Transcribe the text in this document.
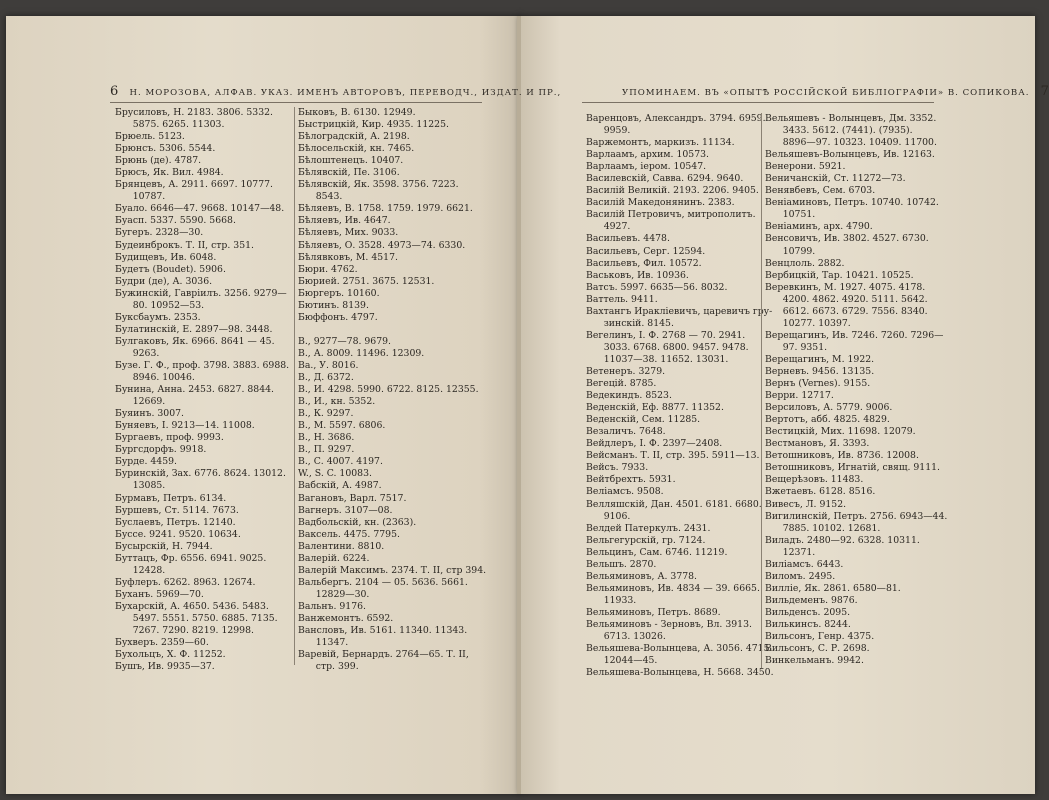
6 Н. МОРОЗОВА, АЛФАВ. УКАЗ. ИМЕНЪ АВТОРОВЪ, ПЕРЕВОДЧ., ИЗДАТ. И ПР.,	УПОМИНАЕМ. ВЪ «ОПЫТѢ РОССІЙСКОЙ БИБЛІОГРАФІИ» В. СОПИКОВА. 7
Брусиловъ, Н. 2183. 3806. 5332.
5875. 6265. 11303.
Брюель. 5123.
Брюнсъ. 5306. 5544.
Брюнь (де). 4787.
Брюсъ, Як. Вил. 4984.
Брянцевъ, А. 2911. 6697. 10777.
10787.
Буало. 6646—47. 9668. 10147—48.
Буасп. 5337. 5590. 5668.
Бугеръ. 2328—30.
Будеинброкъ. Т. II, стр. 351.
Будищевъ, Ив. 6048.
Будетъ (Boudet). 5906.
Будри (де), А. 3036.
Бужинскій, Гавріилъ. 3256. 9279—
80. 10952—53.
Буксбаумъ. 2353.
Булатинскій, Е. 2897—98. 3448.
Булгаковъ, Як. 6966. 8641 — 45.
9263.
Бузе. Г. Ф., проф. 3798. 3883. 6988.
8946. 10046.
Бунина, Анна. 2453. 6827. 8844.
12669.
Буяинъ. 3007.
Буняевъ, I. 9213—14. 11008.
Бургаевъ, проф. 9993.
Бургсдорфъ. 9918.
Бурде. 4459.
Буринскій, Зах. 6776. 8624. 13012.
13085.
Бурмавъ, Петръ. 6134.
Буршевъ, Ст. 5114. 7673.
Буслаевъ, Петръ. 12140.
Буссе. 9241. 9520. 10634.
Бусырскій, Н. 7944.
Буттацъ, Фр. 6556. 6941. 9025.
12428.
Буфлеръ. 6262. 8963. 12674.
Буханъ. 5969—70.
Бухарскій, А. 4650. 5436. 5483.
5497. 5551. 5750. 6885. 7135.
7267. 7290. 8219. 12998.
Бухверъ. 2359—60.
Бухольцъ, Х. Ф. 11252.
Бушъ, Ив. 9935—37.
Быковъ, В. 6130. 12949.
Быстрицкій, Кир. 4935. 11225.
Бѣлоградскій, А. 2198.
Бѣлосельскій, кн. 7465.
Бѣлоштенецъ. 10407.
Бѣлявскій, Пе. 3106.
Бѣлявскій, Як. 3598. 3756. 7223.
8543.
Бѣляевъ, В. 1758. 1759. 1979. 6621.
Бѣляевъ, Ив. 4647.
Бѣляевъ, Мих. 9033.
Бѣляевъ, О. 3528. 4973—74. 6330.
Бѣлявковъ, М. 4517.
Бюри. 4762.
Бюрией. 2751. 3675. 12531.
Бюргеръ. 10160.
Бютинъ. 8139.
Бюффонъ. 4797.
В., 9277—78. 9679.
В., А. 8009. 11496. 12309.
Ва., У. 8016.
В., Д. 6372.
В., И. 4298. 5990. 6722. 8125. 12355.
В., И., кн. 5352.
В., К. 9297.
В., М. 5597. 6806.
В., Н. 3686.
В., П. 9297.
В., С. 4007. 4197.
W., S. C. 10083.
Вабскій, А. 4987.
Вагановъ, Варл. 7517.
Вагнеръ. 3107—08.
Вадбольскій, кн. (2363).
Ваксель. 4475. 7795.
Валентини. 8810.
Валерій. 6224.
Валерій Максимъ. 2374. Т. II, стр 394.
Вальбергъ. 2104 — 05. 5636. 5661.
12829—30.
Вальнъ. 9176.
Ванжемонтъ. 6592.
Вансловъ, Ив. 5161. 11340. 11343.
11347.
Варевій, Бернардъ. 2764—65. Т. II,
стр. 399.
Варенцовъ, Александръ. 3794. 6959.
9959.
Варжемонтъ, маркизъ. 11134.
Варлаамъ, архим. 10573.
Варлаамъ, іером. 10547.
Василевскій, Савва. 6294. 9640.
Василій Великій. 2193. 2206. 9405.
Василій Македонянинъ. 2383.
Василій Петровичъ, митрополитъ.
4927.
Васильевъ. 4478.
Васильевъ, Серг. 12594.
Васильевъ, Фил. 10572.
Васьковъ, Ив. 10936.
Ватсъ. 5997. 6635—56. 8032.
Ваттель. 9411.
Вахтангъ Иракліевичъ, царевичъ гру-
зинскій. 8145.
Вегелинъ, I. Ф. 2768 — 70. 2941.
3033. 6768. 6800. 9457. 9478.
11037—38. 11652. 13031.
Ветенеръ. 3279.
Вегецій. 8785.
Ведекиндъ. 8523.
Веденскій, Еф. 8877. 11352.
Веденскій, Сем. 11285.
Везаличъ. 7648.
Вейдлеръ, I. Ф. 2397—2408.
Вейсманъ. Т. II, стр. 395. 5911—13.
Вейсъ. 7933.
Вейтбрехтъ. 5931.
Велiамсъ. 9508.
Велляшскій, Дан. 4501. 6181. 6680.
9106.
Велдей Патеркулъ. 2431.
Вельгегурскій, гр. 7124.
Вельцинъ, Сам. 6746. 11219.
Вельшъ. 2870.
Вельяминовъ, А. 3778.
Вельяминовъ, Ив. 4834 — 39. 6665.
11933.
Вельяминовъ, Петръ. 8689.
Вельяминовъ - Зерновъ, Вл. 3913.
6713. 13026.
Вельяшева-Волынцева, А. 3056. 4715.
12044—45.
Вельяшева-Волынцева, Н. 5668. 3450.
Вельяшевъ - Волынцевъ, Дм. 3352.
3433. 5612. (7441). (7935).
8896—97. 10323. 10409. 11700.
Вельяшевъ-Волынцевъ, Ив. 12163.
Венерони. 5921.
Веничанскій, Ст. 11272—73.
Венявбевъ, Сем. 6703.
Веніаминовъ, Петръ. 10740. 10742.
10751.
Веніаминъ, арх. 4790.
Венсовичъ, Ив. 3802. 4527. 6730.
10799.
Венцлоль. 2882.
Вербицкій, Тар. 10421. 10525.
Веревкинъ, М. 1927. 4075. 4178.
4200. 4862. 4920. 5111. 5642.
6612. 6673. 6729. 7556. 8340.
10277. 10397.
Верещагинъ, Ив. 7246. 7260. 7296—
97. 9351.
Верещагинъ, М. 1922.
Верневъ. 9456. 13135.
Вернъ (Vernes). 9155.
Верри. 12717.
Версиловъ, А. 5779. 9006.
Вертотъ, абб. 4825. 4829.
Вестицкій, Мих. 11698. 12079.
Вестмановъ, Я. 3393.
Ветошниковъ, Ив. 8736. 12008.
Ветошниковъ, Игнатій, свящ. 9111.
Вещерѣзовъ. 11483.
Вжетаевъ. 6128. 8516.
Вивесъ, Л. 9152.
Вигилинскій, Петръ. 2756. 6943—44.
7885. 10102. 12681.
Виладъ. 2480—92. 6328. 10311.
12371.
Виліамсъ. 6443.
Виломъ. 2495.
Вилліе, Як. 2861. 6580—81.
Вильдеменъ. 9876.
Вильденсъ. 2095.
Вилькинсъ. 8244.
Вильсонъ, Генр. 4375.
Вильсонъ, С. Р. 2698.
Винкельманъ. 9942.
